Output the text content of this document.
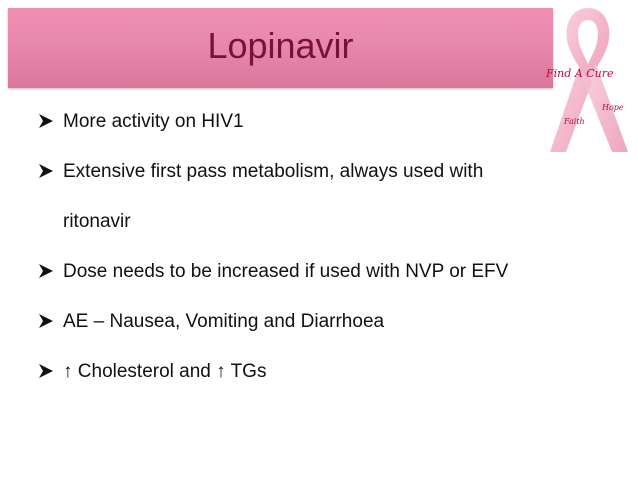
Lopinavir
Find A Cure
Faith
Hope
More activity on HIV1
Extensive first pass metabolism, always used with
ritonavir
Dose needs to be increased if used with NVP or EFV
AE – Nausea, Vomiting and Diarrhoea
↑ Cholesterol and ↑ TGs
